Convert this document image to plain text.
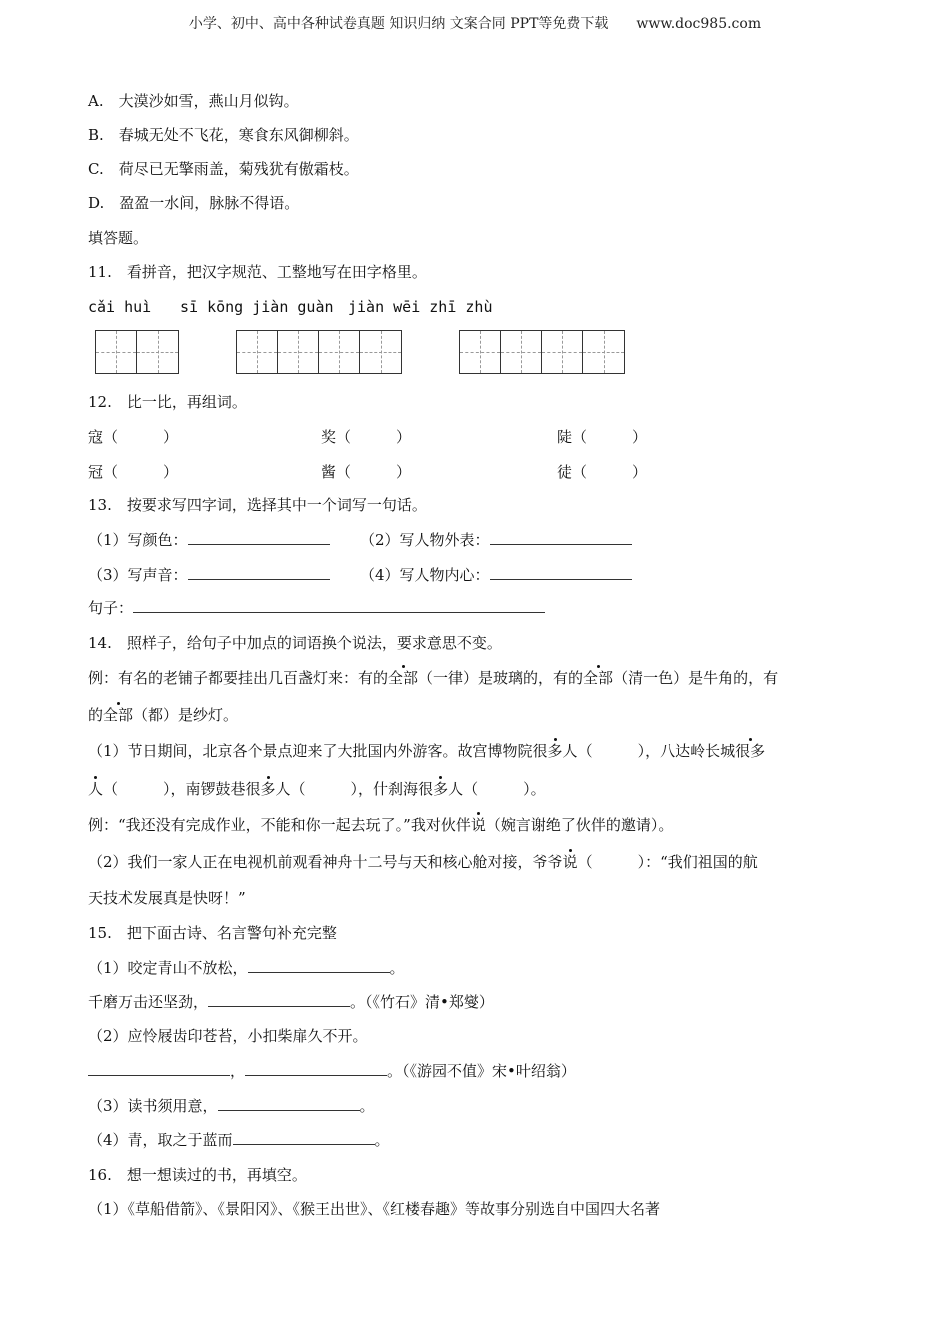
小学、初中、高中各种试卷真题 知识归纳 文案合同 PPT等免费下载　　www.doc985.com
A.　大漠沙如雪，燕山月似钩。
B.　春城无处不飞花，寒食东风御柳斜。
C.　荷尽已无擎雨盖，菊残犹有傲霜枝。
D.　盈盈一水间，脉脉不得语。
填答题。
11.　看拼音，把汉字规范、工整地写在田字格里。
cǎi huì sī kōng jiàn guàn jiàn wēi zhī zhù
12.　比一比，再组词。
寇（　　　）	奖（　　　）	陡（　　　）
冠（　　　）	酱（　　　）	徒（　　　）
13.　按要求写四字词，选择其中一个词写一句话。
（1）写颜色：	（2）写人物外表：
（3）写声音：	（4）写人物内心：
句子：
14.　照样子，给句子中加点的词语换个说法，要求意思不变。
例：有名的老铺子都要挂出几百盏灯来：有的全部（一律）是玻璃的，有的全部（清一色）是牛角的，有
的全部（都）是纱灯。
（1）节日期间，北京各个景点迎来了大批国内外游客。故宫博物院很多人（　　　），八达岭长城很多
人（　　　），南锣鼓巷很多人（　　　），什刹海很多人（　　　）。
例：“我还没有完成作业，不能和你一起去玩了。”我对伙伴说（婉言谢绝了伙伴的邀请）。
（2）我们一家人正在电视机前观看神舟十二号与天和核心舱对接，爷爷说（　　　）：“我们祖国的航
天技术发展真是快呀！”
15.　把下面古诗、名言警句补充完整
（1）咬定青山不放松，	。
千磨万击还坚劲，	。（《竹石》清•郑燮）
（2）应怜屐齿印苍苔，小扣柴扉久不开。
，	。（《游园不值》宋•叶绍翁）
（3）读书须用意，	。
（4）青，取之于蓝而	。
16.　想一想读过的书，再填空。
（1）《草船借箭》、《景阳冈》、《猴王出世》、《红楼春趣》等故事分别选自中国四大名著
